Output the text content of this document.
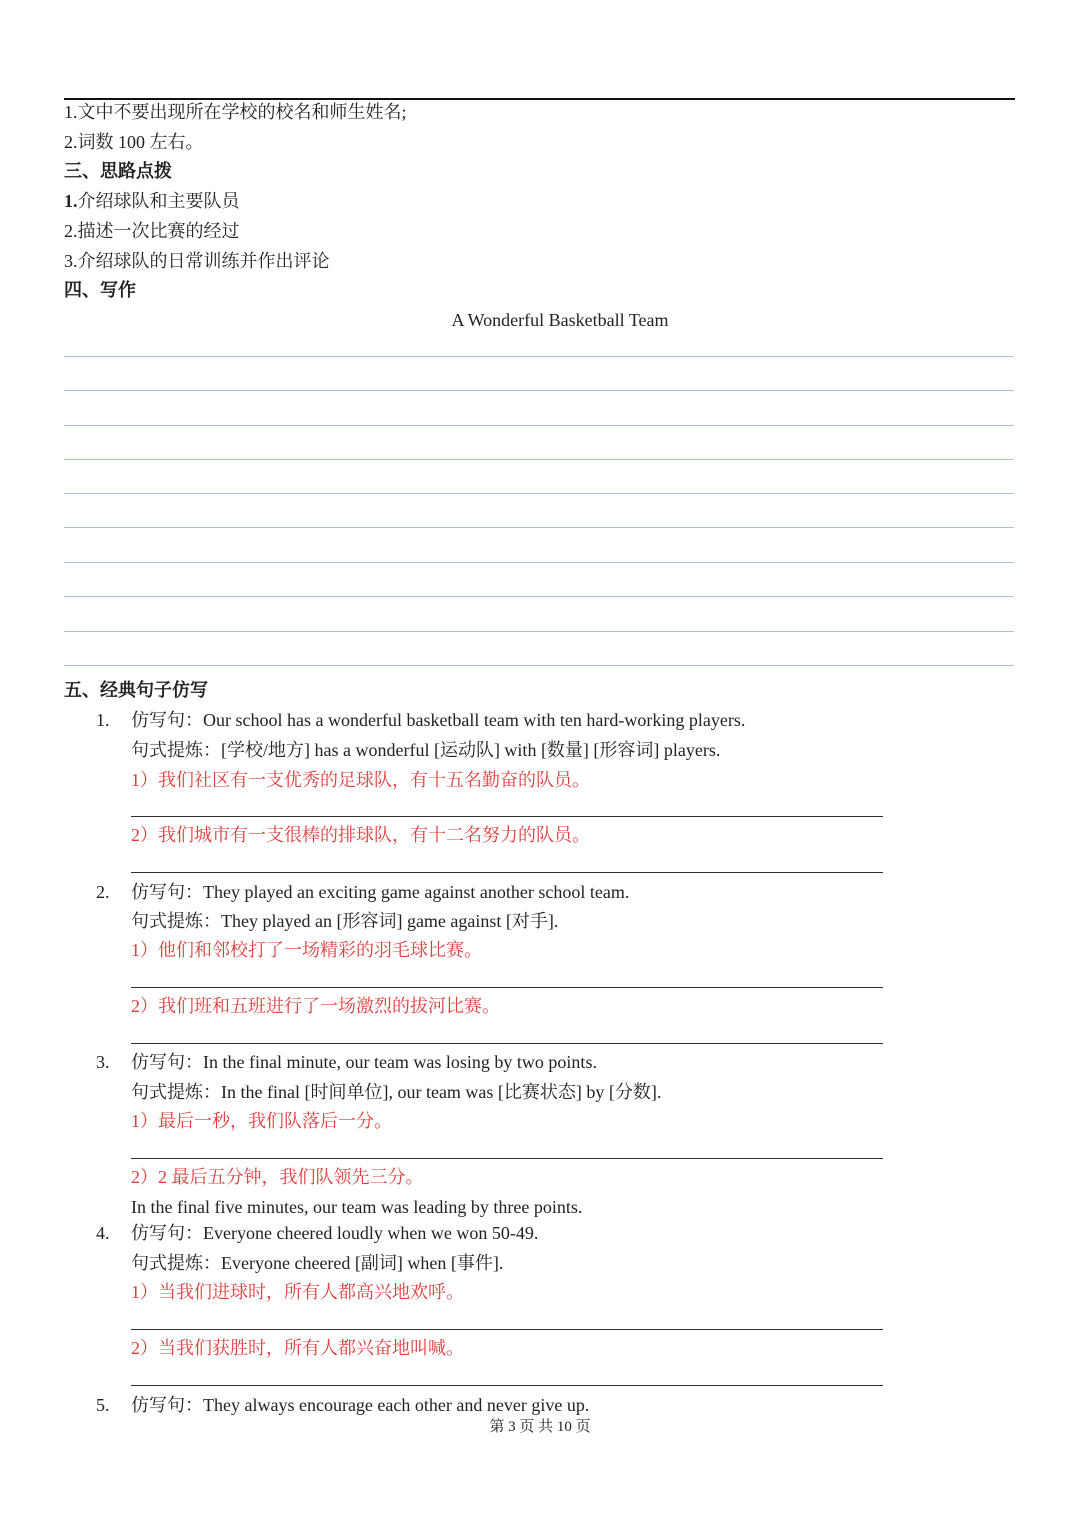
1.文中不要出现所在学校的校名和师生姓名;
2.词数 100 左右。
三、思路点拨
1.介绍球队和主要队员
2.描述一次比赛的经过
3.介绍球队的日常训练并作出评论
四、写作
A Wonderful Basketball Team
五、经典句子仿写
1. 仿写句：Our school has a wonderful basketball team with ten hard-working players.
句式提炼：[学校/地方] has a wonderful [运动队] with [数量] [形容词] players.
1）我们社区有一支优秀的足球队，有十五名勤奋的队员。
2）我们城市有一支很棒的排球队，有十二名努力的队员。
2. 仿写句：They played an exciting game against another school team.
句式提炼：They played an [形容词] game against [对手].
1）他们和邻校打了一场精彩的羽毛球比赛。
2）我们班和五班进行了一场激烈的拔河比赛。
3. 仿写句：In the final minute, our team was losing by two points.
句式提炼：In the final [时间单位], our team was [比赛状态] by [分数].
1）最后一秒，我们队落后一分。
2）2 最后五分钟，我们队领先三分。
In the final five minutes, our team was leading by three points.
4. 仿写句：Everyone cheered loudly when we won 50-49.
句式提炼：Everyone cheered [副词] when [事件].
1）当我们进球时，所有人都高兴地欢呼。
2）当我们获胜时，所有人都兴奋地叫喊。
5. 仿写句：They always encourage each other and never give up.
第 3 页 共 10 页
